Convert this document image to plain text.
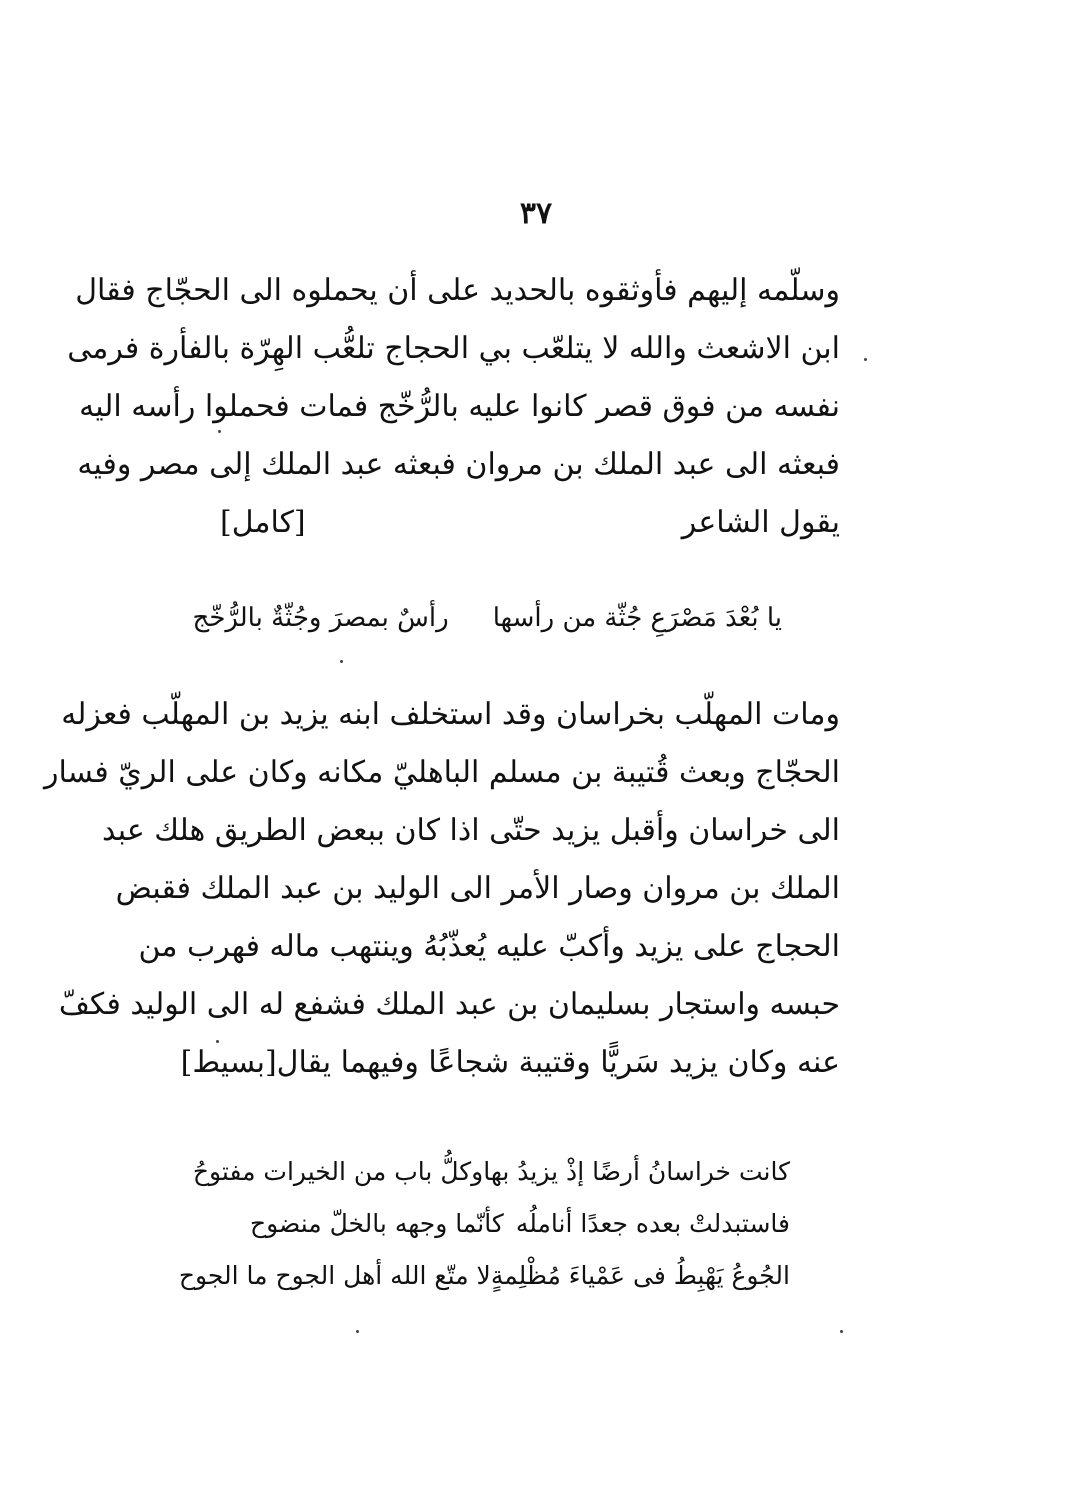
٣٧
وسلّمه إليهم فأوثقوه بالحديد على أن يحملوه الى الحجّاج فقال
ابن الاشعث والله لا يتلعّب بي الحجاج تلعُّب الهِرّة بالفأرة فرمى
نفسه من فوق قصر كانوا عليه بالرُّخّج فمات فحملوا رأسه اليه
فبعثه الى عبد الملك بن مروان فبعثه عبد الملك إلى مصر وفيه
يقول الشاعر
[كامل]
يا بُعْدَ مَصْرَعِ جُثّة من رأسها
رأسٌ بمصرَ وجُثّةٌ بالرُّخّج
ومات المهلّب بخراسان وقد استخلف ابنه يزيد بن المهلّب فعزله
الحجّاج وبعث قُتيبة بن مسلم الباهليّ مكانه وكان على الريّ فسار
الى خراسان وأقبل يزيد حتّى اذا كان ببعض الطريق هلك عبد
الملك بن مروان وصار الأمر الى الوليد بن عبد الملك فقبض
الحجاج على يزيد وأكبّ عليه يُعذّبُهُ وينتهب ماله فهرب من
حبسه واستجار بسليمان بن عبد الملك فشفع له الى الوليد فكفّ
عنه وكان يزيد سَريًّا وقتيبة شجاعًا وفيهما يقال
[بسيط]
كانت خراسانُ أرضًا إذْ يزيدُ بها
وكلُّ باب من الخيرات مفتوحُ
فاستبدلتْ بعده جعدًا أناملُه
كأنّما وجهه بالخلّ منضوح
الجُوعُ يَهْبِطُ فى عَمْياءَ مُظْلِمةٍ
لا متّع الله أهل الجوح ما الجوح
